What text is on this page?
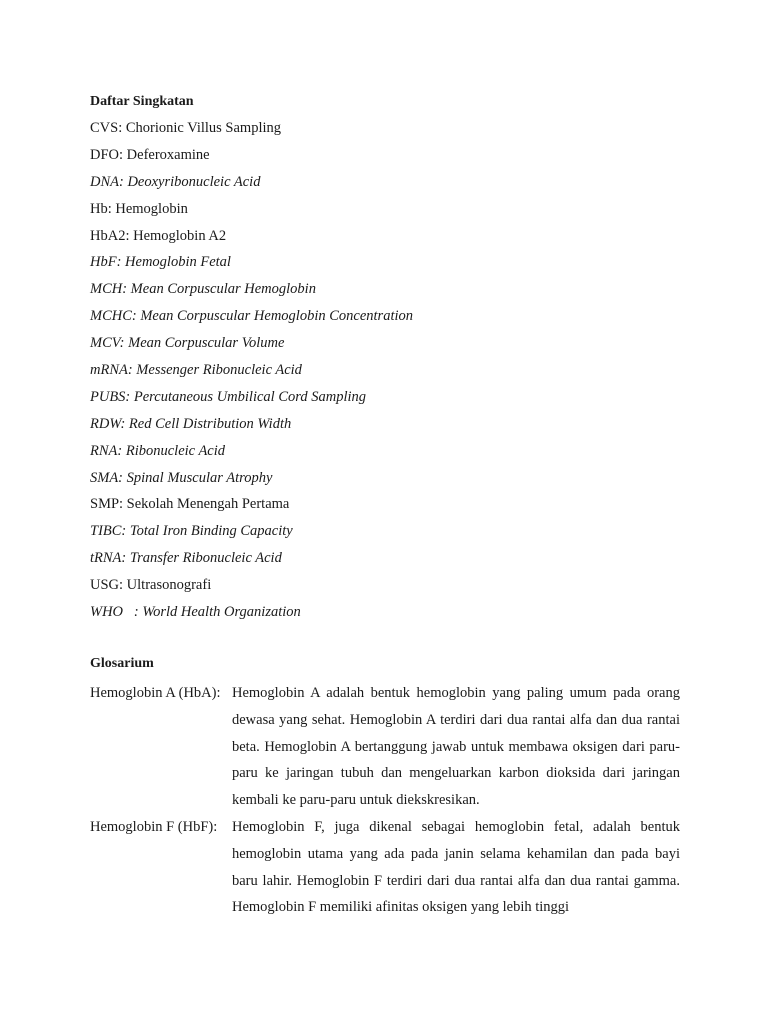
Daftar Singkatan
CVS: Chorionic Villus Sampling
DFO: Deferoxamine
DNA: Deoxyribonucleic Acid
Hb: Hemoglobin
HbA2: Hemoglobin A2
HbF: Hemoglobin Fetal
MCH: Mean Corpuscular Hemoglobin
MCHC: Mean Corpuscular Hemoglobin Concentration
MCV: Mean Corpuscular Volume
mRNA: Messenger Ribonucleic Acid
PUBS: Percutaneous Umbilical Cord Sampling
RDW: Red Cell Distribution Width
RNA: Ribonucleic Acid
SMA: Spinal Muscular Atrophy
SMP: Sekolah Menengah Pertama
TIBC: Total Iron Binding Capacity
tRNA: Transfer Ribonucleic Acid
USG: Ultrasonografi
WHO   : World Health Organization
Glosarium
Hemoglobin A (HbA): Hemoglobin A adalah bentuk hemoglobin yang paling umum pada orang dewasa yang sehat. Hemoglobin A terdiri dari dua rantai alfa dan dua rantai beta. Hemoglobin A bertanggung jawab untuk membawa oksigen dari paru-paru ke jaringan tubuh dan mengeluarkan karbon dioksida dari jaringan kembali ke paru-paru untuk diekskresikan.
Hemoglobin F (HbF):	Hemoglobin F, juga dikenal sebagai hemoglobin fetal, adalah bentuk hemoglobin utama yang ada pada janin selama kehamilan dan pada bayi baru lahir. Hemoglobin F terdiri dari dua rantai alfa dan dua rantai gamma. Hemoglobin F memiliki afinitas oksigen yang lebih tinggi
